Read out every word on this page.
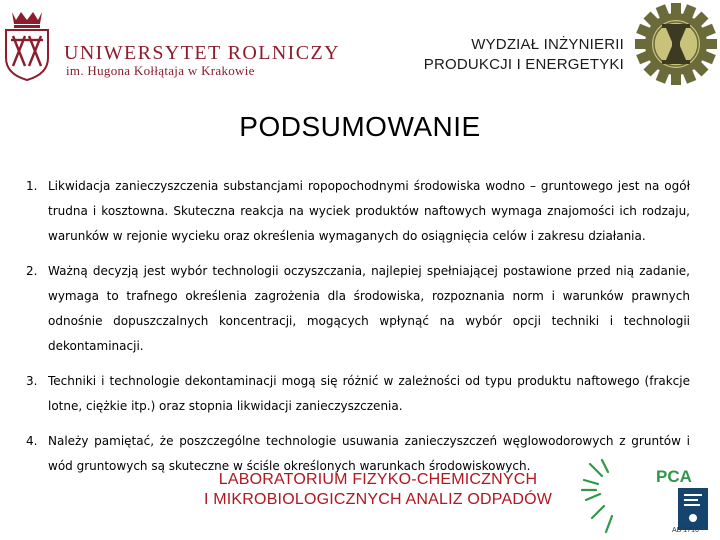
UNIWERSYTET ROLNICZY
im. Hugona Kołłątaja w Krakowie
WYDZIAŁ INŻYNIERII
PRODUKCJI I ENERGETYKI
PODSUMOWANIE
1. Likwidacja zanieczyszczenia substancjami ropopochodnymi środowiska wodno – gruntowego jest na ogół trudna i kosztowna. Skuteczna reakcja na wyciek produktów naftowych wymaga znajomości ich rodzaju, warunków w rejonie wycieku oraz określenia wymaganych do osiągnięcia celów i zakresu działania.
2. Ważną decyzją jest wybór technologii oczyszczania, najlepiej spełniającej postawione przed nią zadanie, wymaga to trafnego określenia zagrożenia dla środowiska, rozpoznania norm i warunków prawnych odnośnie dopuszczalnych koncentracji, mogących wpłynąć na wybór opcji techniki i technologii dekontaminacji.
3. Techniki i technologie dekontaminacji mogą się różnić w zależności od typu produktu naftowego (frakcje lotne, ciężkie itp.) oraz stopnia likwidacji zanieczyszczenia.
4. Należy pamiętać, że poszczególne technologie usuwania zanieczyszczeń węglowodorowych z gruntów i wód gruntowych są skuteczne w ściśle określonych warunkach środowiskowych.
LABORATORIUM FIZYKO-CHEMICZNYCH
I MIKROBIOLOGICZNYCH ANALIZ ODPADÓW
PCA
AB 1716
